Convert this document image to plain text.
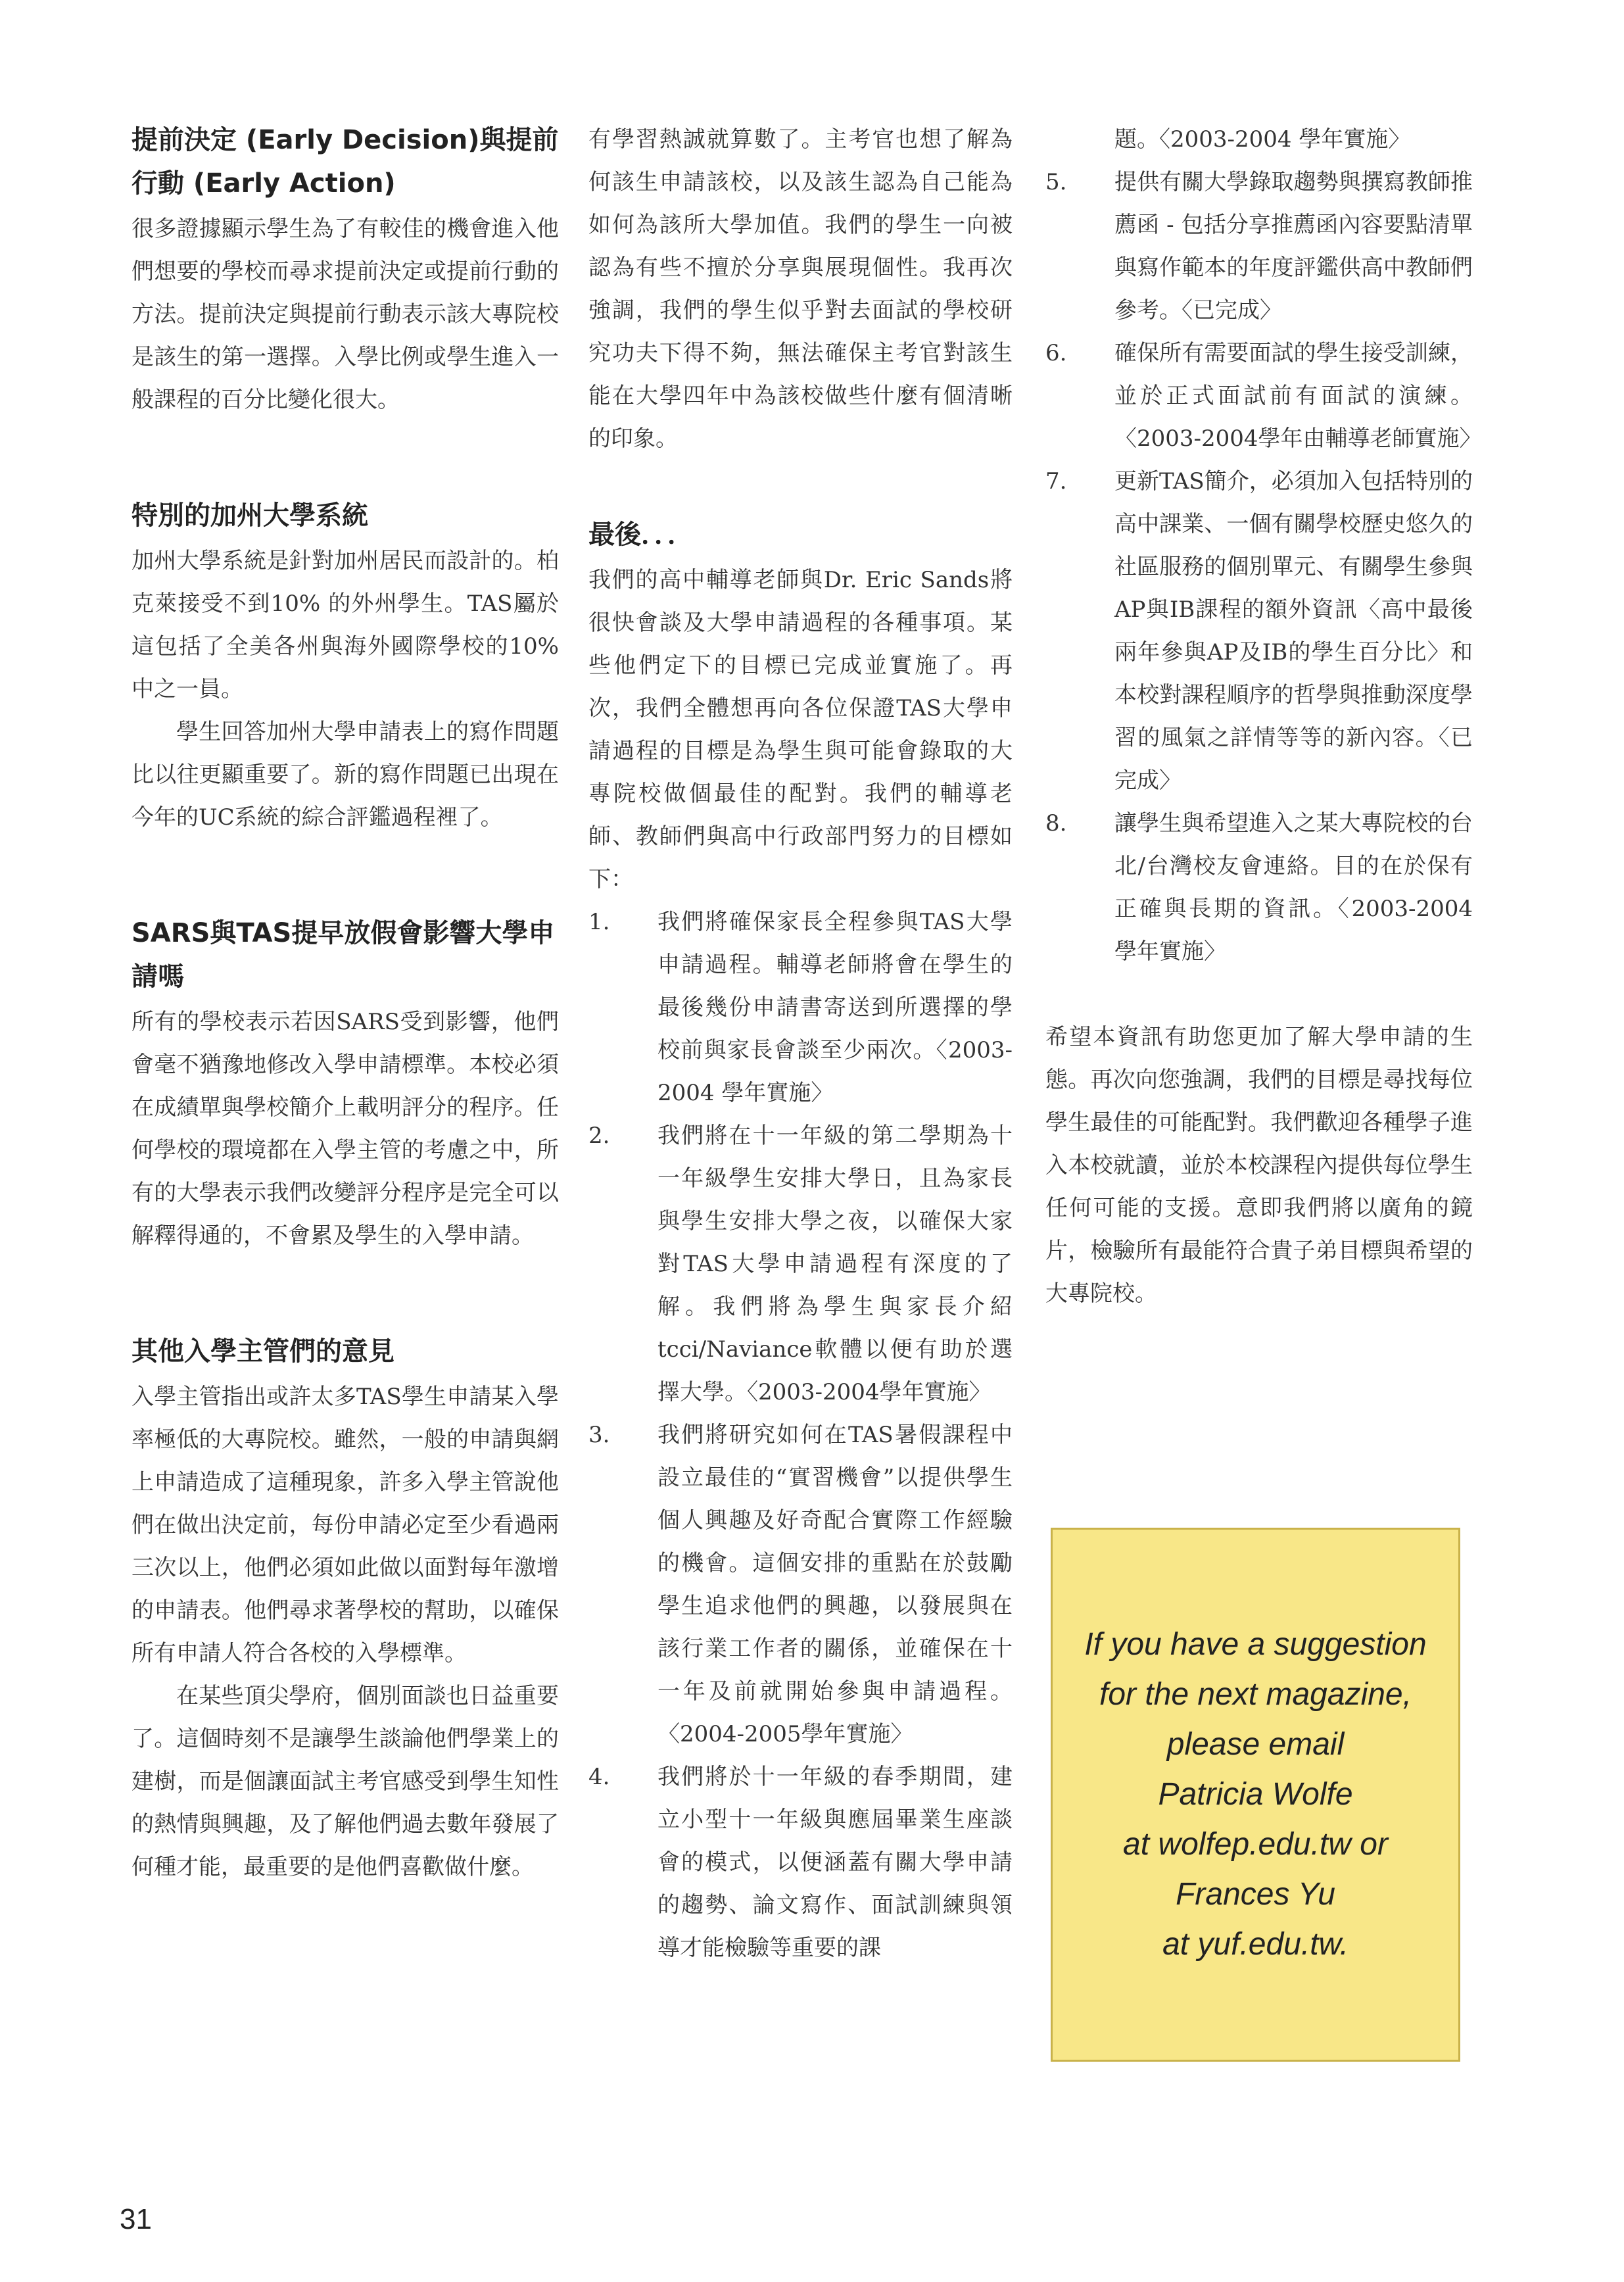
提前決定 (Early Decision)與提前行動 (Early Action)

很多證據顯示學生為了有較佳的機會進入他們想要的學校而尋求提前決定或提前行動的方法。提前決定與提前行動表示該大專院校是該生的第一選擇。入學比例或學生進入一般課程的百分比變化很大。

特別的加州大學系統

加州大學系統是針對加州居民而設計的。柏克萊接受不到10% 的外州學生。TAS屬於這包括了全美各州與海外國際學校的10% 中之一員。

學生回答加州大學申請表上的寫作問題比以往更顯重要了。新的寫作問題已出現在今年的UC系統的綜合評鑑過程裡了。

SARS與TAS提早放假會影響大學申請嗎

所有的學校表示若因SARS受到影響，他們會毫不猶豫地修改入學申請標準。本校必須在成績單與學校簡介上載明評分的程序。任何學校的環境都在入學主管的考慮之中，所有的大學表示我們改變評分程序是完全可以解釋得通的，不會累及學生的入學申請。

其他入學主管們的意見

入學主管指出或許太多TAS學生申請某入學率極低的大專院校。雖然，一般的申請與網上申請造成了這種現象，許多入學主管說他們在做出決定前，每份申請必定至少看過兩三次以上，他們必須如此做以面對每年激增的申請表。他們尋求著學校的幫助，以確保所有申請人符合各校的入學標準。

在某些頂尖學府，個別面談也日益重要了。這個時刻不是讓學生談論他們學業上的建樹，而是個讓面試主考官感受到學生知性的熱情與興趣，及了解他們過去數年發展了何種才能，最重要的是他們喜歡做什麼。

有學習熱誠就算數了。主考官也想了解為何該生申請該校，以及該生認為自己能為如何為該所大學加值。我們的學生一向被認為有些不擅於分享與展現個性。我再次強調，我們的學生似乎對去面試的學校研究功夫下得不夠，無法確保主考官對該生能在大學四年中為該校做些什麼有個清晰的印象。

最後．．．

我們的高中輔導老師與Dr. Eric Sands將很快會談及大學申請過程的各種事項。某些他們定下的目標已完成並實施了。再次，我們全體想再向各位保證TAS大學申請過程的目標是為學生與可能會錄取的大專院校做個最佳的配對。我們的輔導老師、教師們與高中行政部門努力的目標如下：

1.	我們將確保家長全程參與TAS大學申請過程。輔導老師將會在學生的最後幾份申請書寄送到所選擇的學校前與家長會談至少兩次。〈2003-2004 學年實施〉

2.	我們將在十一年級的第二學期為十一年級學生安排大學日，且為家長與學生安排大學之夜，以確保大家對TAS大學申請過程有深度的了解。我們將為學生與家長介紹tcci/Naviance軟體以便有助於選擇大學。〈2003-2004學年實施〉

3.	我們將研究如何在TAS暑假課程中設立最佳的“實習機會”以提供學生個人興趣及好奇配合實際工作經驗的機會。這個安排的重點在於鼓勵學生追求他們的興趣，以發展與在該行業工作者的關係，並確保在十一年及前就開始參與申請過程。〈2004-2005學年實施〉

4.	我們將於十一年級的春季期間，建立小型十一年級與應屆畢業生座談會的模式，以便涵蓋有關大學申請的趨勢、論文寫作、面試訓練與領導才能檢驗等重要的課

題。〈2003-2004 學年實施〉

5.	提供有關大學錄取趨勢與撰寫教師推薦函 - 包括分享推薦函內容要點清單與寫作範本的年度評鑑供高中教師們參考。〈已完成〉

6.	確保所有需要面試的學生接受訓練，並於正式面試前有面試的演練。〈2003-2004學年由輔導老師實施〉

7.	更新TAS簡介，必須加入包括特別的高中課業、一個有關學校歷史悠久的社區服務的個別單元、有關學生參與AP與IB課程的額外資訊〈高中最後兩年參與AP及IB的學生百分比〉和本校對課程順序的哲學與推動深度學習的風氣之詳情等等的新內容。〈已完成〉

8.	讓學生與希望進入之某大專院校的台北/台灣校友會連絡。目的在於保有正確與長期的資訊。〈2003-2004 學年實施〉

希望本資訊有助您更加了解大學申請的生態。再次向您強調，我們的目標是尋找每位學生最佳的可能配對。我們歡迎各種學子進入本校就讀，並於本校課程內提供每位學生任何可能的支援。意即我們將以廣角的鏡片，檢驗所有最能符合貴子弟目標與希望的大專院校。

If you have a suggestion
for the next magazine,
please email
Patricia Wolfe
at wolfep.edu.tw or
Frances Yu
at yuf.edu.tw.

31
